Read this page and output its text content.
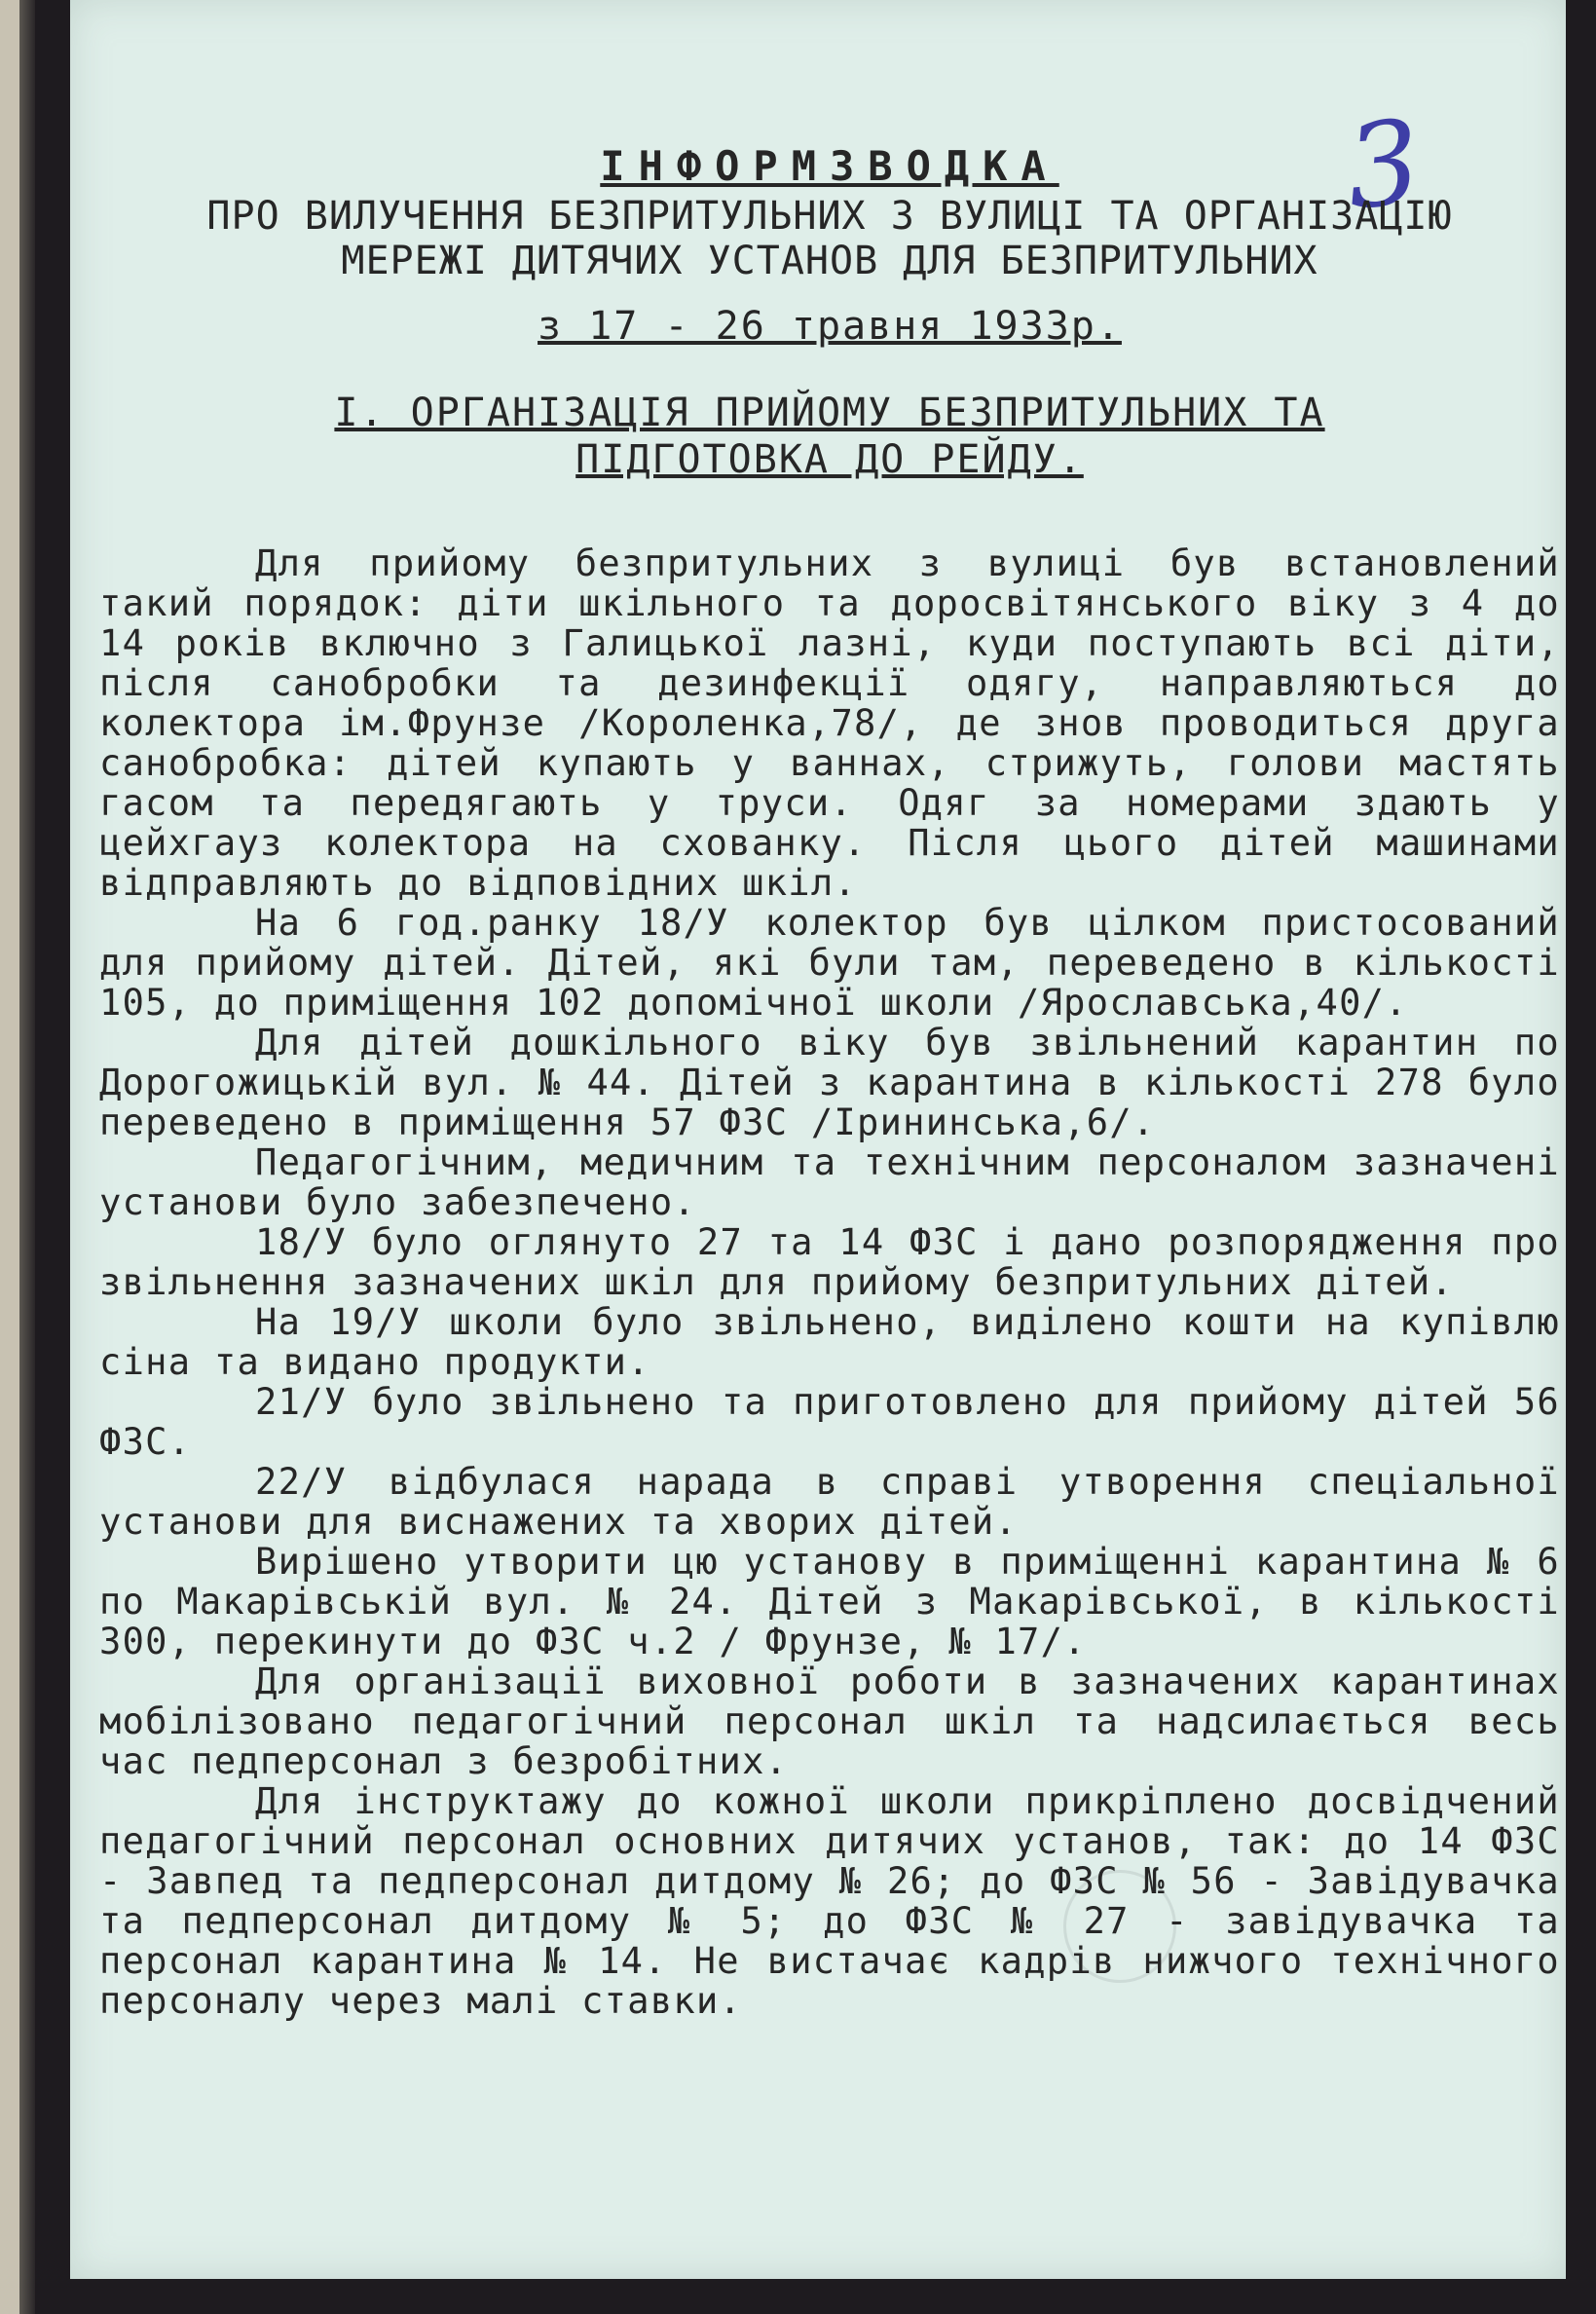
3
ІНФОРМЗВОДКА
ПРО ВИЛУЧЕННЯ БЕЗПРИТУЛЬНИХ З ВУЛИЦІ ТА ОРГАНІЗАЦІЮ
МЕРЕЖІ ДИТЯЧИХ УСТАНОВ ДЛЯ БЕЗПРИТУЛЬНИХ
з 17 - 26 травня 1933р.
І. ОРГАНІЗАЦІЯ ПРИЙОМУ БЕЗПРИТУЛЬНИХ ТА
ПІДГОТОВКА ДО РЕЙДУ.

Для прийому безпритульних з вулиці був встановлений такий порядок: діти шкільного та доросвітянського віку з 4 до 14 років включно з Галицької лазні, куди поступають всі діти, після санобробки та дезинфекції одягу, направляються до колектора ім.Фрунзе /Короленка,78/, де знов проводиться друга санобробка: дітей купають у ваннах, стрижуть, голови мастять гасом та передягають у труси. Одяг за номерами здають у цейхгауз колектора на схованку. Після цього дітей машинами відправляють до відповідних шкіл.

На 6 год.ранку 18/У колектор був цілком пристосований для прийому дітей. Дітей, які були там, переведено в кількості 105, до приміщення 102 допомічної школи /Ярославська,40/.

Для дітей дошкільного віку був звільнений карантин по Дорогожицькій вул. № 44. Дітей з карантина в кількості 278 було переведено в приміщення 57 ФЗС /Ірининська,6/.

Педагогічним, медичним та технічним персоналом зазначені установи було забезпечено.

18/У було оглянуто 27 та 14 ФЗС і дано розпорядження про звільнення зазначених шкіл для прийому безпритульних дітей.

На 19/У школи було звільнено, виділено кошти на купівлю сіна та видано продукти.

21/У було звільнено та приготовлено для прийому дітей 56 ФЗС.

22/У відбулася нарада в справі утворення спеціальної установи для виснажених та хворих дітей.

Вирішено утворити цю установу в приміщенні карантина № 6 по Макарівській вул. № 24. Дітей з Макарівської, в кількості 300, перекинути до ФЗС ч.2 / Фрунзе, № 17/.

Для організації виховної роботи в зазначених карантинах мобілізовано педагогічний персонал шкіл та надсилається весь час педперсонал з безробітних.

Для інструктажу до кожної школи прикріплено досвідчений педагогічний персонал основних дитячих установ, так: до 14 ФЗС - Завпед та педперсонал дитдому № 26; до ФЗС № 56 - Завідувачка та педперсонал дитдому № 5; до ФЗС № 27 - завідувачка та персонал карантина № 14. Не вистачає кадрів нижчого технічного персоналу через малі ставки.
